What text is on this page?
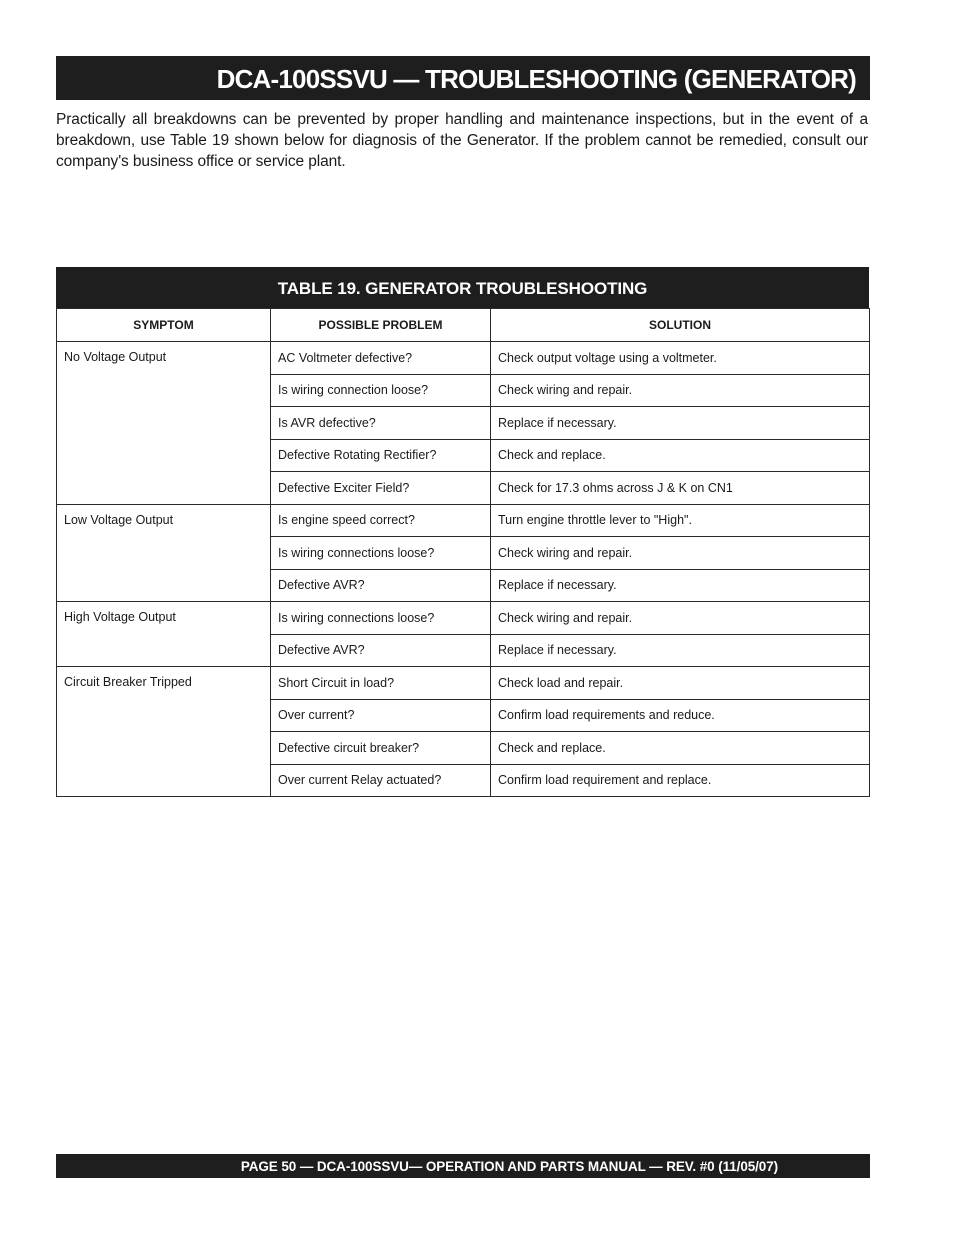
DCA-100SSVU — TROUBLESHOOTING (GENERATOR)

Practically all breakdowns can be prevented by proper handling and maintenance inspections, but in the event of a breakdown, use Table 19 shown below for diagnosis of the Generator. If the problem cannot be remedied, consult our company's business office or service plant.

TABLE 19. GENERATOR TROUBLESHOOTING
SYMPTOM	POSSIBLE PROBLEM	SOLUTION
No Voltage Output	AC Voltmeter defective?	Check output voltage using a voltmeter.
	Is wiring connection loose?	Check wiring and repair.
	Is AVR defective?	Replace if necessary.
	Defective Rotating Rectifier?	Check and replace.
	Defective Exciter Field?	Check for 17.3 ohms across J & K on CN1
Low Voltage Output	Is engine speed correct?	Turn engine throttle lever to "High".
	Is wiring connections loose?	Check wiring and repair.
	Defective AVR?	Replace if necessary.
High Voltage Output	Is wiring connections loose?	Check wiring and repair.
	Defective AVR?	Replace if necessary.
Circuit Breaker Tripped	Short Circuit in load?	Check load and repair.
	Over current?	Confirm load requirements and reduce.
	Defective circuit breaker?	Check and replace.
	Over current Relay actuated?	Confirm load requirement and replace.
PAGE 50 — DCA-100SSVU— OPERATION AND PARTS MANUAL — REV. #0 (11/05/07)
